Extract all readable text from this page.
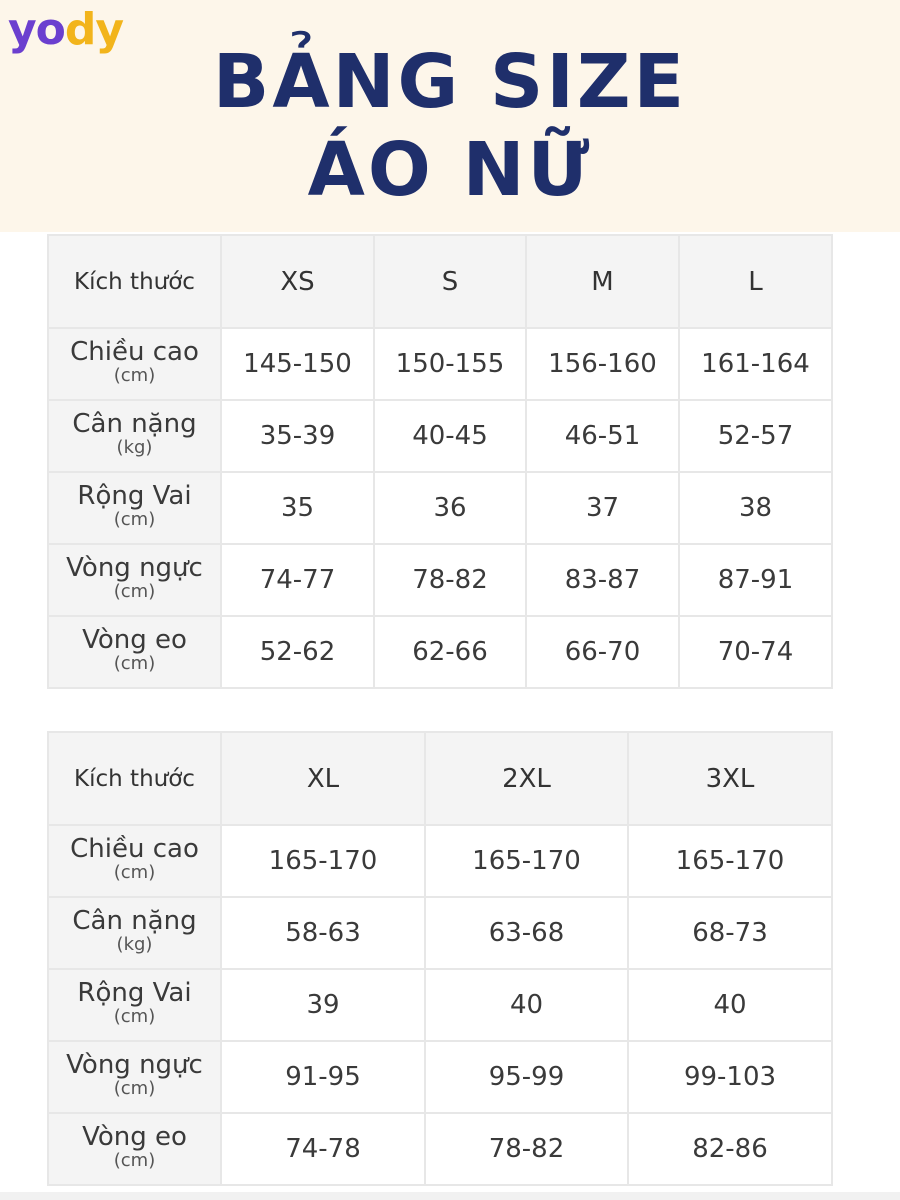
yody
BẢNG SIZE
ÁO NỮ
Kích thước	XS	S	M	L

Chiều cao
(cm)	145-150	150-155	156-160	161-164

Cân nặng
(kg)	35-39	40-45	46-51	52-57

Rộng Vai
(cm)	35	36	37	38

Vòng ngực
(cm)	74-77	78-82	83-87	87-91

Vòng eo
(cm)	52-62	62-66	66-70	70-74
Kích thước	XL	2XL	3XL

Chiều cao
(cm)	165-170	165-170	165-170

Cân nặng
(kg)	58-63	63-68	68-73

Rộng Vai
(cm)	39	40	40

Vòng ngực
(cm)	91-95	95-99	99-103

Vòng eo
(cm)	74-78	78-82	82-86
